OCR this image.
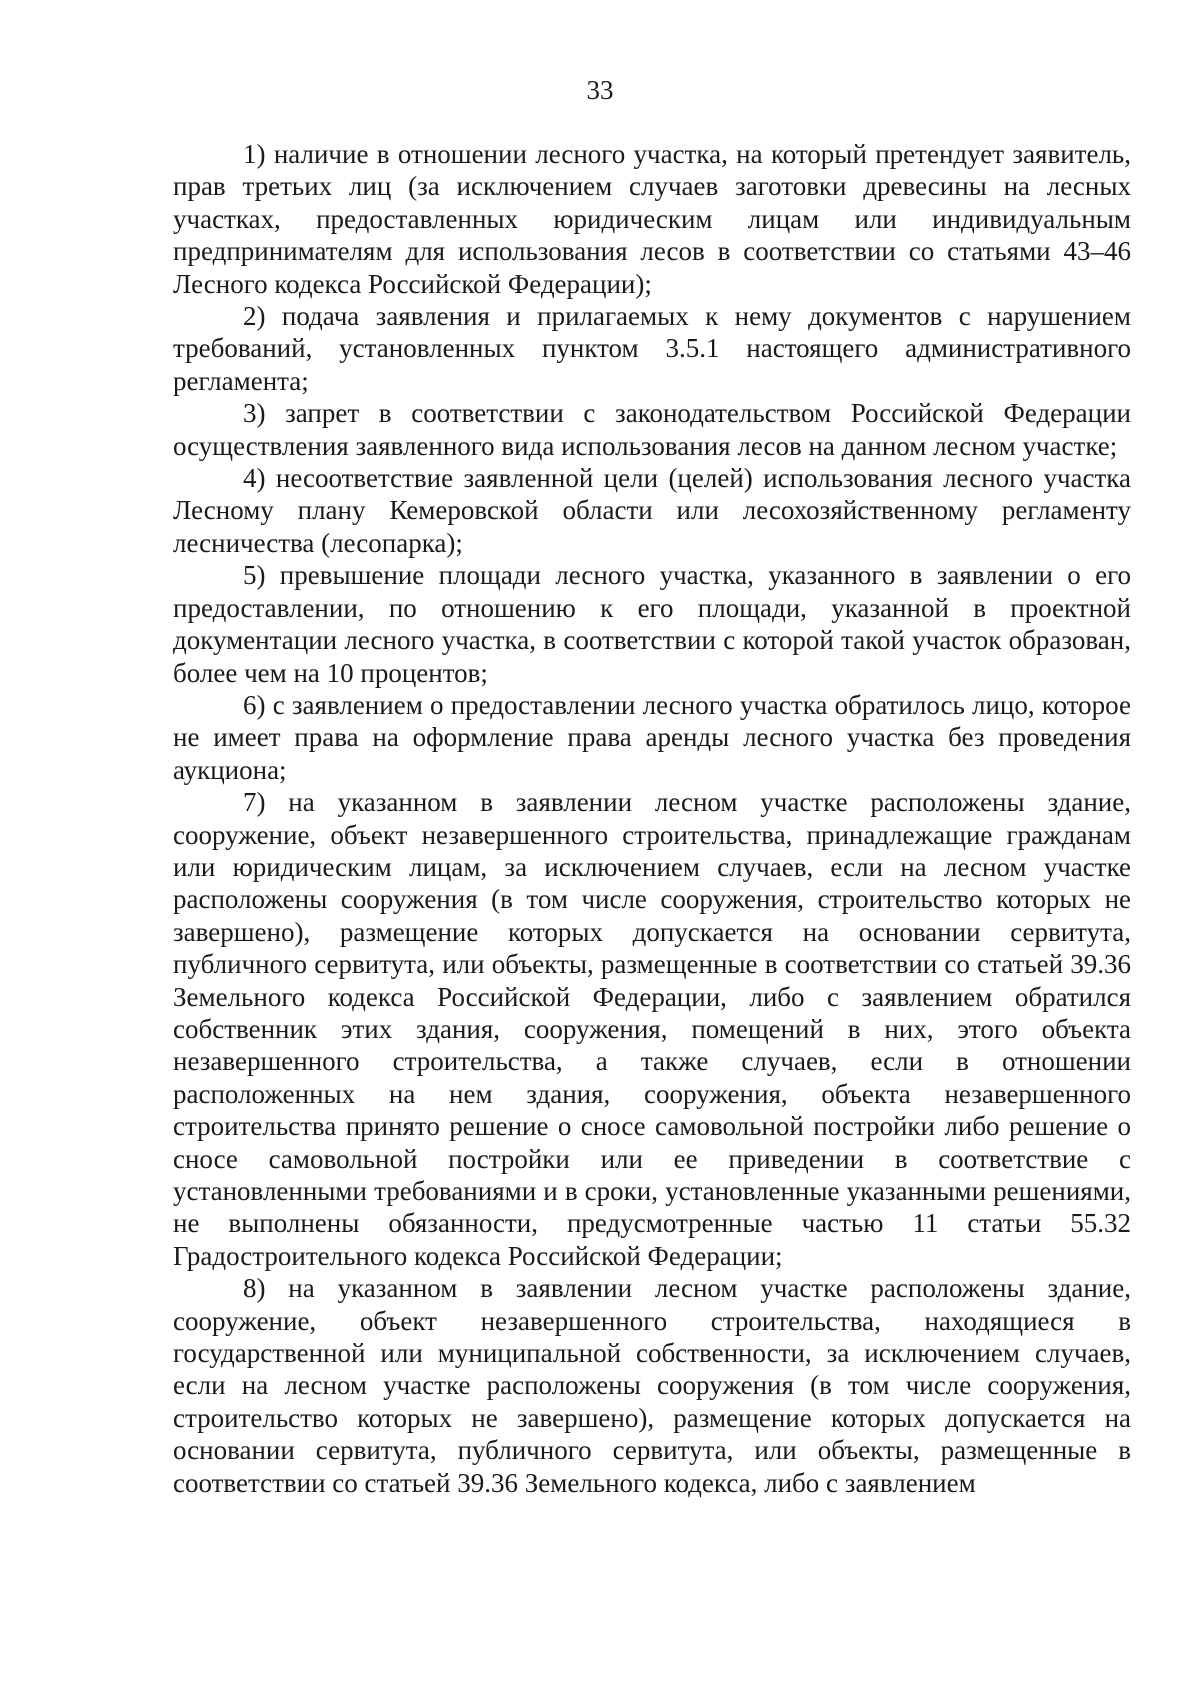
33

1) наличие в отношении лесного участка, на который претендует заявитель, прав третьих лиц (за исключением случаев заготовки древесины на лесных участках, предоставленных юридическим лицам или индивидуальным предпринимателям для использования лесов в соответствии со статьями 43–46 Лесного кодекса Российской Федерации);

2) подача заявления и прилагаемых к нему документов с нарушением требований, установленных пунктом 3.5.1 настоящего административного регламента;

3) запрет в соответствии с законодательством Российской Федерации осуществления заявленного вида использования лесов на данном лесном участке;

4) несоответствие заявленной цели (целей) использования лесного участка Лесному плану Кемеровской области или лесохозяйственному регламенту лесничества (лесопарка);

5) превышение площади лесного участка, указанного в заявлении о его предоставлении, по отношению к его площади, указанной в проектной документации лесного участка, в соответствии с которой такой участок образован, более чем на 10 процентов;

6) с заявлением о предоставлении лесного участка обратилось лицо, которое не имеет права на оформление права аренды лесного участка без проведения аукциона;

7) на указанном в заявлении лесном участке расположены здание, сооружение, объект незавершенного строительства, принадлежащие гражданам или юридическим лицам, за исключением случаев, если на лесном участке расположены сооружения (в том числе сооружения, строительство которых не завершено), размещение которых допускается на основании сервитута, публичного сервитута, или объекты, размещенные в соответствии со статьей 39.36 Земельного кодекса Российской Федерации, либо с заявлением обратился собственник этих здания, сооружения, помещений в них, этого объекта незавершенного строительства, а также случаев, если в отношении расположенных на нем здания, сооружения, объекта незавершенного строительства принято решение о сносе самовольной постройки либо решение о сносе самовольной постройки или ее приведении в соответствие с установленными требованиями и в сроки, установленные указанными решениями, не выполнены обязанности, предусмотренные частью 11 статьи 55.32 Градостроительного кодекса Российской Федерации;

8) на указанном в заявлении лесном участке расположены здание, сооружение, объект незавершенного строительства, находящиеся в государственной или муниципальной собственности, за исключением случаев, если на лесном участке расположены сооружения (в том числе сооружения, строительство которых не завершено), размещение которых допускается на основании сервитута, публичного сервитута, или объекты, размещенные в соответствии со статьей 39.36 Земельного кодекса, либо с заявлением
